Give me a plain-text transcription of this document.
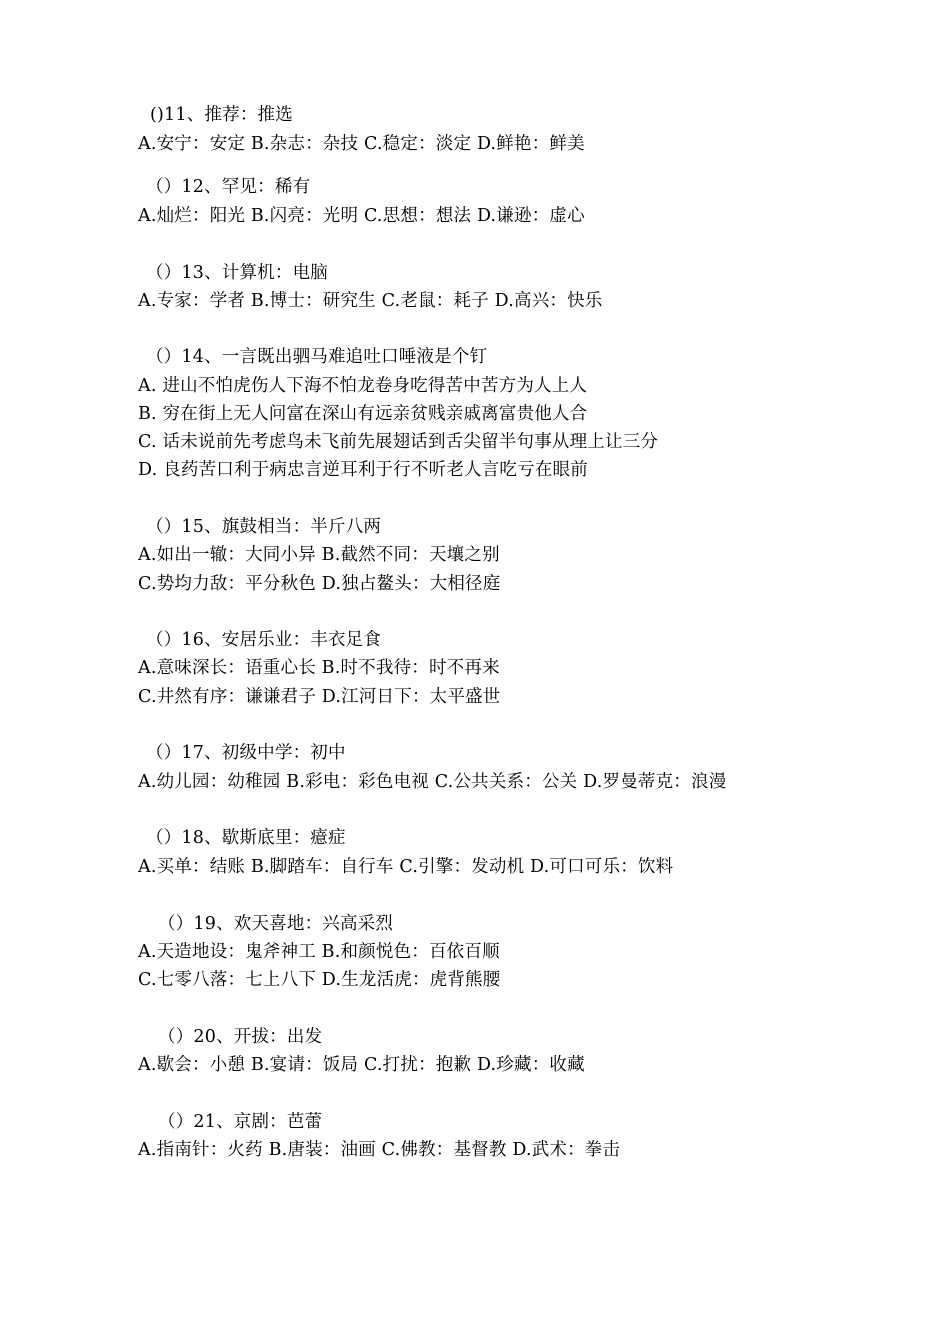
()11、推荐：推选
A.安宁：安定 B.杂志：杂技 C.稳定：淡定 D.鲜艳：鲜美
（）12、罕见：稀有
A.灿烂：阳光 B.闪亮：光明 C.思想：想法 D.谦逊：虚心
（）13、计算机：电脑
A.专家：学者 B.博士：研究生 C.老鼠：耗子 D.高兴：快乐
（）14、一言既出驷马难追吐口唾液是个钉
A. 进山不怕虎伤人下海不怕龙卷身吃得苦中苦方为人上人
B. 穷在街上无人问富在深山有远亲贫贱亲戚离富贵他人合
C. 话未说前先考虑鸟未飞前先展翅话到舌尖留半句事从理上让三分
D. 良药苦口利于病忠言逆耳利于行不听老人言吃亏在眼前
（）15、旗鼓相当：半斤八两
A.如出一辙：大同小异 B.截然不同：天壤之别
C.势均力敌：平分秋色 D.独占鳌头：大相径庭
（）16、安居乐业：丰衣足食
A.意味深长：语重心长 B.时不我待：时不再来
C.井然有序：谦谦君子 D.江河日下：太平盛世
（）17、初级中学：初中
A.幼儿园：幼稚园 B.彩电：彩色电视 C.公共关系：公关 D.罗曼蒂克：浪漫
（）18、歇斯底里：癔症
A.买单：结账 B.脚踏车：自行车 C.引擎：发动机 D.可口可乐：饮料
（）19、欢天喜地：兴高采烈
A.天造地设：鬼斧神工 B.和颜悦色：百依百顺
C.七零八落：七上八下 D.生龙活虎：虎背熊腰
（）20、开拔：出发
A.歇会：小憩 B.宴请：饭局 C.打扰：抱歉 D.珍藏：收藏
（）21、京剧：芭蕾
A.指南针：火药 B.唐装：油画 C.佛教：基督教 D.武术：拳击
